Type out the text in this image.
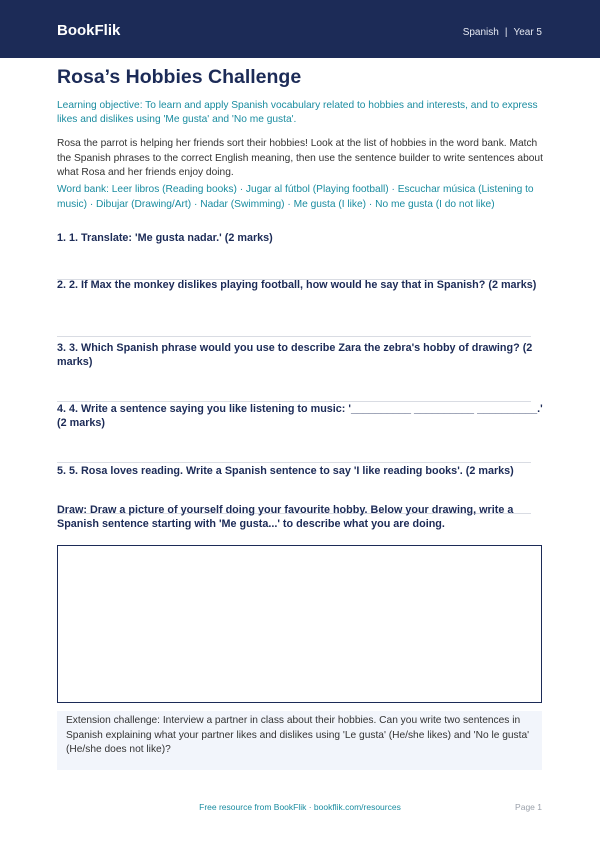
BookFlik	Spanish | Year 5
Rosa’s Hobbies Challenge

Learning objective: To learn and apply Spanish vocabulary related to hobbies and interests, and to express likes and dislikes using 'Me gusta' and 'No me gusta'.

Rosa the parrot is helping her friends sort their hobbies! Look at the list of hobbies in the word bank. Match the Spanish phrases to the correct English meaning, then use the sentence builder to write sentences about what Rosa and her friends enjoy doing.

Word bank: Leer libros (Reading books) · Jugar al fútbol (Playing football) · Escuchar música (Listening to music) · Dibujar (Drawing/Art) · Nadar (Swimming) · Me gusta (I like) · No me gusta (I do not like)

1. 1. Translate: 'Me gusta nadar.' (2 marks)

2. 2. If Max the monkey dislikes playing football, how would he say that in Spanish? (2 marks)

3. 3. Which Spanish phrase would you use to describe Zara the zebra's hobby of drawing? (2 marks)

4. 4. Write a sentence saying you like listening to music: '__________ __________ __________.' (2 marks)

5. 5. Rosa loves reading. Write a Spanish sentence to say 'I like reading books'. (2 marks)

Draw: Draw a picture of yourself doing your favourite hobby. Below your drawing, write a Spanish sentence starting with 'Me gusta...' to describe what you are doing.

Extension challenge: Interview a partner in class about their hobbies. Can you write two sentences in Spanish explaining what your partner likes and dislikes using 'Le gusta' (He/she likes) and 'No le gusta' (He/she does not like)?
Free resource from BookFlik · bookflik.com/resources	Page 1
